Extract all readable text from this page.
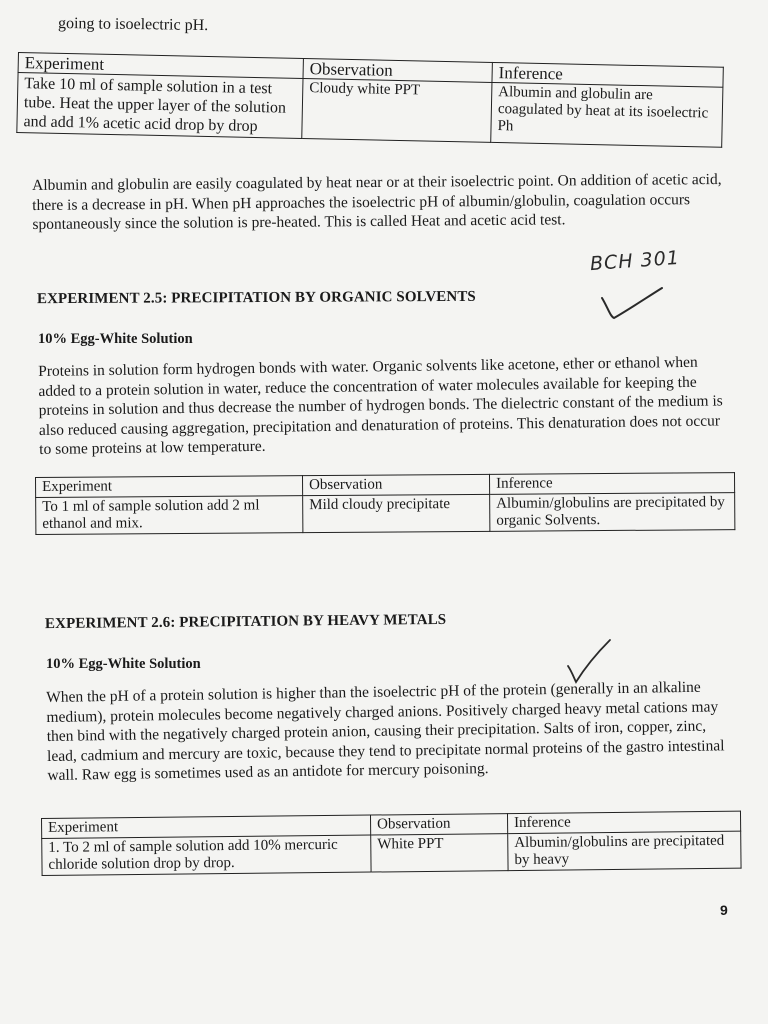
going to isoelectric pH.
Experiment	Observation	Inference
Take 10 ml of sample solution in a test tube. Heat the upper layer of the solution and add 1% acetic acid drop by drop	Cloudy white PPT	Albumin and globulin are coagulated by heat at its isoelectric Ph

Albumin and globulin are easily coagulated by heat near or at their isoelectric point. On addition of acetic acid, there is a decrease in pH. When pH approaches the isoelectric pH of albumin/globulin, coagulation occurs spontaneously since the solution is pre-heated. This is called Heat and acetic acid test.

BCH 301
EXPERIMENT 2.5: PRECIPITATION BY ORGANIC SOLVENTS
10% Egg-White Solution

Proteins in solution form hydrogen bonds with water. Organic solvents like acetone, ether or ethanol when added to a protein solution in water, reduce the concentration of water molecules available for keeping the proteins in solution and thus decrease the number of hydrogen bonds. The dielectric constant of the medium is also reduced causing aggregation, precipitation and denaturation of proteins. This denaturation does not occur to some proteins at low temperature.

Experiment	Observation	Inference
To 1 ml of sample solution add 2 ml ethanol and mix.	Mild cloudy precipitate	Albumin/globulins are precipitated by organic Solvents.
EXPERIMENT 2.6: PRECIPITATION BY HEAVY METALS
10% Egg-White Solution

When the pH of a protein solution is higher than the isoelectric pH of the protein (generally in an alkaline medium), protein molecules become negatively charged anions. Positively charged heavy metal cations may then bind with the negatively charged protein anion, causing their precipitation. Salts of iron, copper, zinc, lead, cadmium and mercury are toxic, because they tend to precipitate normal proteins of the gastro intestinal wall. Raw egg is sometimes used as an antidote for mercury poisoning.

Experiment	Observation	Inference
1. To 2 ml of sample solution add 10% mercuric chloride solution drop by drop.	White PPT	Albumin/globulins are precipitated by heavy
9
